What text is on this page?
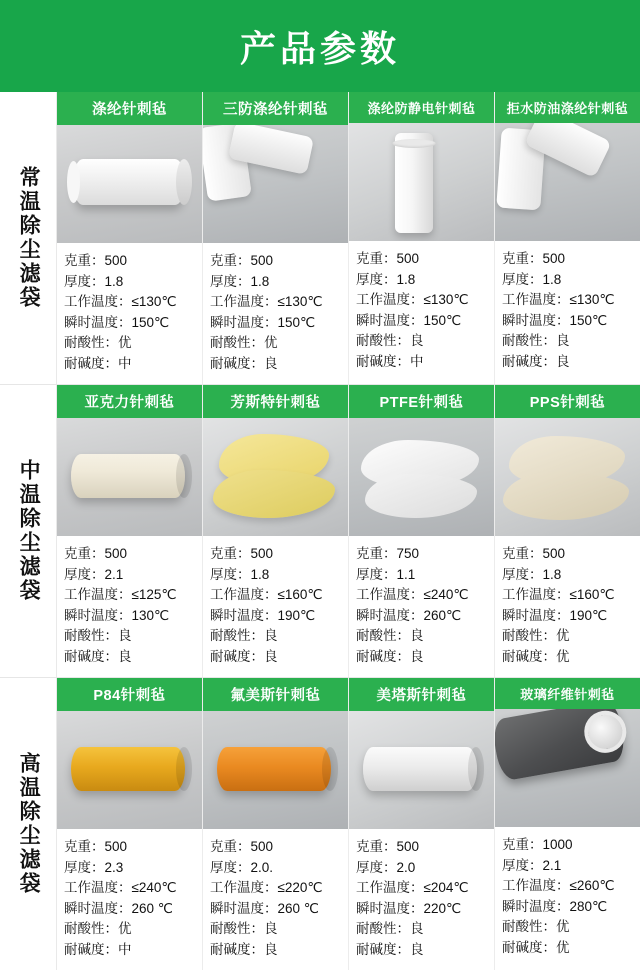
产品参数
常温除尘滤袋
涤纶针刺毡
克重：500
厚度：1.8
工作温度：≤130℃
瞬时温度：150℃
耐酸性：优
耐碱度：中
三防涤纶针刺毡
克重：500
厚度：1.8
工作温度：≤130℃
瞬时温度：150℃
耐酸性：优
耐碱度：良
涤纶防静电针刺毡
克重：500
厚度：1.8
工作温度：≤130℃
瞬时温度：150℃
耐酸性：良
耐碱度：中
拒水防油涤纶针刺毡
克重：500
厚度：1.8
工作温度：≤130℃
瞬时温度：150℃
耐酸性：良
耐碱度：良
中温除尘滤袋
亚克力针刺毡
克重：500
厚度：2.1
工作温度：≤125℃
瞬时温度：130℃
耐酸性：良
耐碱度：良
芳斯特针刺毡
克重：500
厚度：1.8
工作温度：≤160℃
瞬时温度：190℃
耐酸性：良
耐碱度：良
PTFE针刺毡
克重：750
厚度：1.1
工作温度：≤240℃
瞬时温度：260℃
耐酸性：良
耐碱度：良
PPS针刺毡
克重：500
厚度：1.8
工作温度：≤160℃
瞬时温度：190℃
耐酸性：优
耐碱度：优
高温除尘滤袋
P84针刺毡
克重：500
厚度：2.3
工作温度：≤240℃
瞬时温度：260 ℃
耐酸性：优
耐碱度：中
氟美斯针刺毡
克重：500
厚度：2.0.
工作温度：≤220℃
瞬时温度：260 ℃
耐酸性：良
耐碱度：良
美塔斯针刺毡
克重：500
厚度：2.0
工作温度：≤204℃
瞬时温度：220℃
耐酸性：良
耐碱度：良
玻璃纤维针刺毡
克重：1000
厚度：2.1
工作温度：≤260℃
瞬时温度：280℃
耐酸性：优
耐碱度：优
